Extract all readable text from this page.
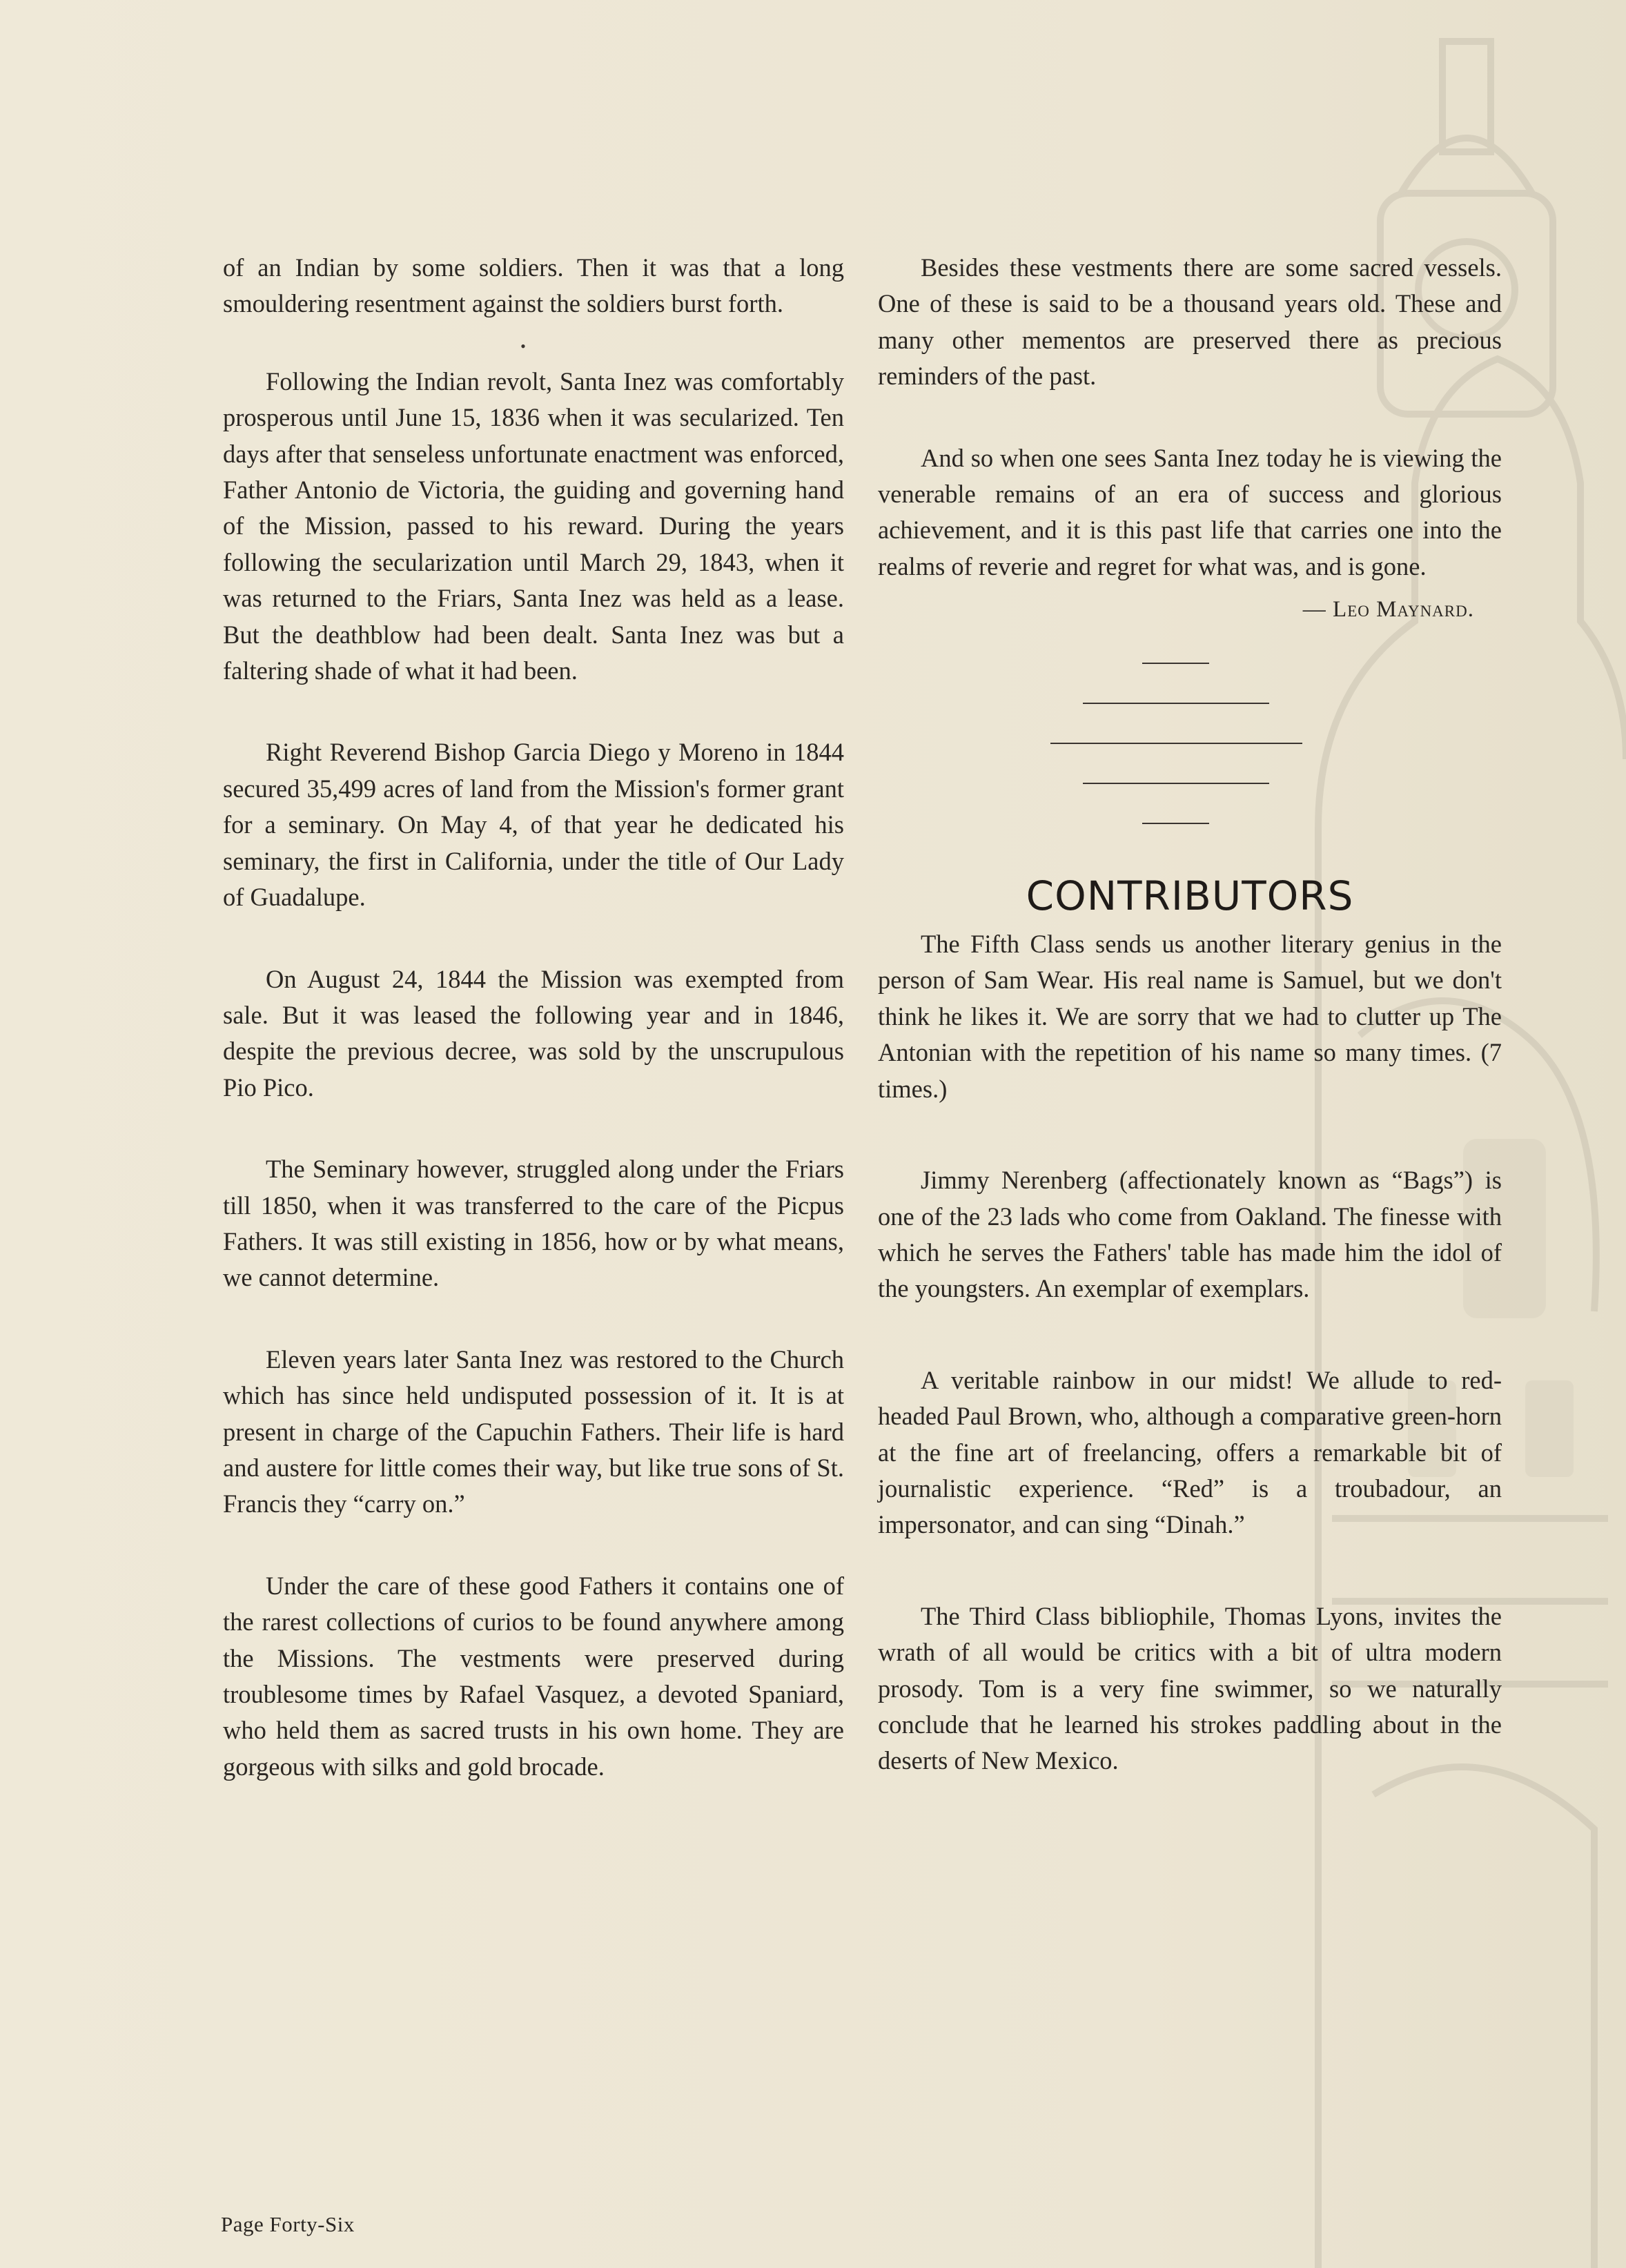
of an Indian by some soldiers. Then it was that a long smouldering resentment against the soldiers burst forth.

$_•$

Following the Indian revolt, Santa Inez was comfortably prosperous until June 15, 1836 when it was secularized. Ten days after that senseless unfortunate enactment was enforced, Father Antonio de Victoria, the guiding and governing hand of the Mission, passed to his reward. During the years following the secularization until March 29, 1843, when it was returned to the Friars, Santa Inez was held as a lease. But the deathblow had been dealt. Santa Inez was but a faltering shade of what it had been.

Right Reverend Bishop Garcia Diego y Moreno in 1844 secured 35,499 acres of land from the Mission's former grant for a seminary. On May 4, of that year he dedicated his seminary, the first in California, under the title of Our Lady of Guadalupe.

On August 24, 1844 the Mission was exempted from sale. But it was leased the following year and in 1846, despite the previous decree, was sold by the unscrupulous Pio Pico.

The Seminary however, struggled along under the Friars till 1850, when it was transferred to the care of the Picpus Fathers. It was still existing in 1856, how or by what means, we cannot determine.

Eleven years later Santa Inez was restored to the Church which has since held undisputed possession of it. It is at present in charge of the Capuchin Fathers. Their life is hard and austere for little comes their way, but like true sons of St. Francis they “carry on.”

Under the care of these good Fathers it contains one of the rarest collections of curios to be found anywhere among the Missions. The vestments were preserved during troublesome times by Rafael Vasquez, a devoted Spaniard, who held them as sacred trusts in his own home. They are gorgeous with silks and gold brocade.

Besides these vestments there are some sacred vessels. One of these is said to be a thousand years old. These and many other mementos are preserved there as precious reminders of the past.

And so when one sees Santa Inez today he is viewing the venerable remains of an era of success and glorious achievement, and it is this past life that carries one into the realms of reverie and regret for what was, and is gone.

— Leo Maynard.
CONTRIBUTORS

The Fifth Class sends us another literary genius in the person of Sam Wear. His real name is Samuel, but we don't think he likes it. We are sorry that we had to clutter up The Antonian with the repetition of his name so many times. (7 times.)

Jimmy Nerenberg (affectionately known as “Bags”) is one of the 23 lads who come from Oakland. The finesse with which he serves the Fathers' table has made him the idol of the youngsters. An exemplar of exemplars.

A veritable rainbow in our midst! We allude to red-headed Paul Brown, who, although a comparative green-horn at the fine art of freelancing, offers a remarkable bit of journalistic experience. “Red” is a troubadour, an impersonator, and can sing “Dinah.”

The Third Class bibliophile, Thomas Lyons, invites the wrath of all would be critics with a bit of ultra modern prosody. Tom is a very fine swimmer, so we naturally conclude that he learned his strokes paddling about in the deserts of New Mexico.

Page Forty-Six
